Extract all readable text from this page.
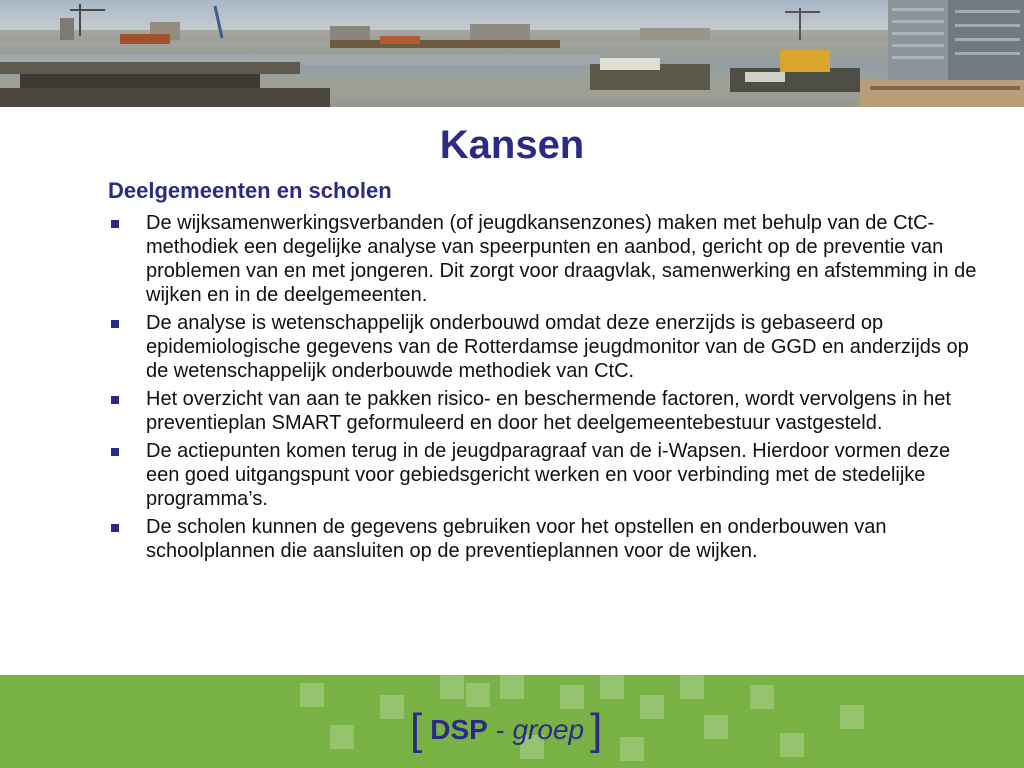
Kansen
Deelgemeenten en scholen
De wijksamenwerkingsverbanden (of jeugdkansenzones) maken met behulp van de CtC-methodiek een degelijke analyse van speerpunten en aanbod, gericht op de preventie van problemen van en met jongeren. Dit zorgt voor draagvlak, samenwerking en afstemming in de wijken en in de deelgemeenten.
De analyse is wetenschappelijk onderbouwd omdat deze enerzijds is gebaseerd op epidemiologische gegevens van de Rotterdamse jeugdmonitor van de GGD en anderzijds op de wetenschappelijk onderbouwde methodiek van CtC.
Het overzicht van aan te pakken risico- en beschermende factoren, wordt vervolgens in het preventieplan SMART geformuleerd en door het deelgemeentebestuur vastgesteld.
De actiepunten komen terug in de jeugdparagraaf van de i-Wapsen. Hierdoor vormen deze een goed uitgangspunt voor gebiedsgericht werken en voor verbinding met de stedelijke programma’s.
De scholen kunnen de gegevens gebruiken voor het opstellen en onderbouwen van schoolplannen die aansluiten op de preventieplannen voor de wijken.
[ DSP - groep ]
